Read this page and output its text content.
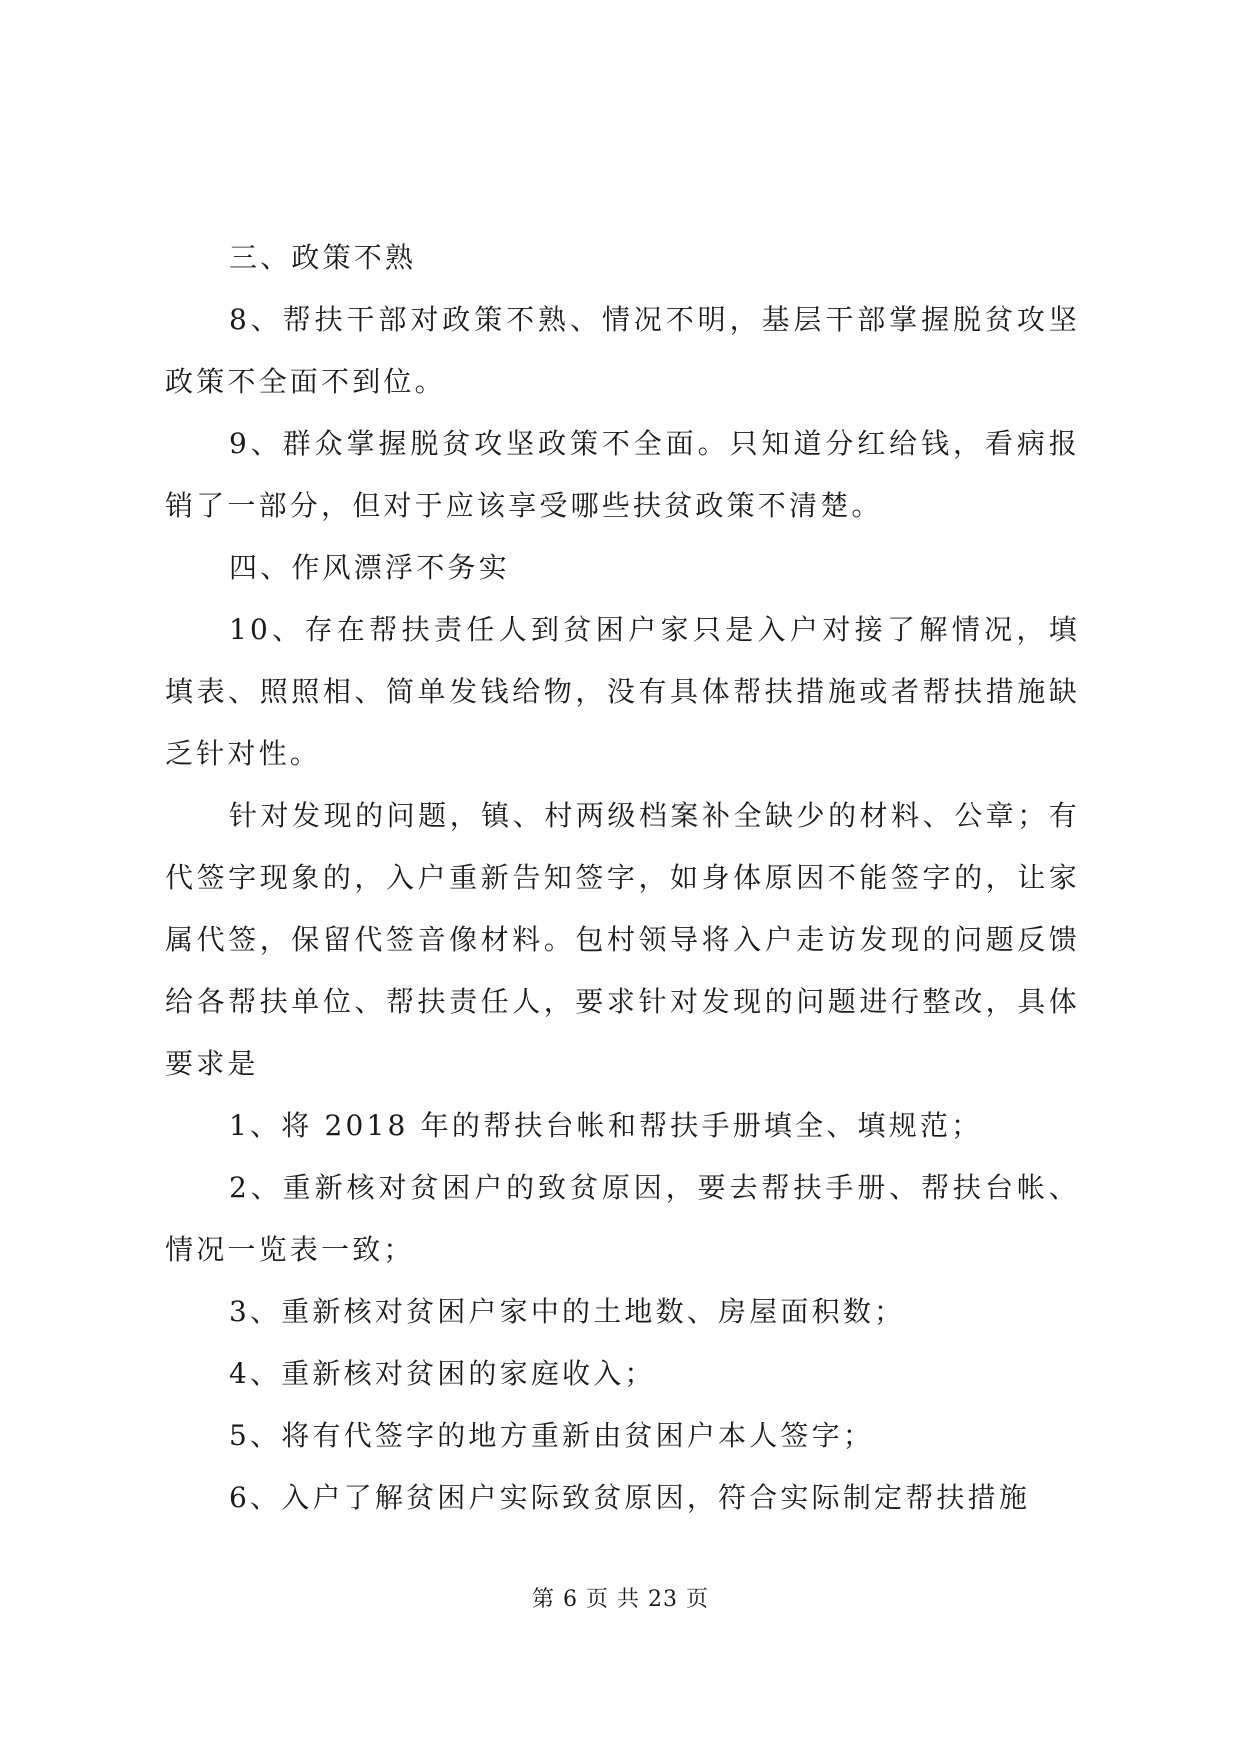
三、政策不熟

8、帮扶干部对政策不熟、情况不明，基层干部掌握脱贫攻坚政策不全面不到位。

9、群众掌握脱贫攻坚政策不全面。只知道分红给钱，看病报销了一部分，但对于应该享受哪些扶贫政策不清楚。

四、作风漂浮不务实

10、存在帮扶责任人到贫困户家只是入户对接了解情况，填填表、照照相、简单发钱给物，没有具体帮扶措施或者帮扶措施缺乏针对性。

针对发现的问题，镇、村两级档案补全缺少的材料、公章；有代签字现象的，入户重新告知签字，如身体原因不能签字的，让家属代签，保留代签音像材料。包村领导将入户走访发现的问题反馈给各帮扶单位、帮扶责任人，要求针对发现的问题进行整改，具体要求是

1、将 2018 年的帮扶台帐和帮扶手册填全、填规范；

2、重新核对贫困户的致贫原因，要去帮扶手册、帮扶台帐、情况一览表一致；

3、重新核对贫困户家中的土地数、房屋面积数；

4、重新核对贫困的家庭收入；

5、将有代签字的地方重新由贫困户本人签字；

6、入户了解贫困户实际致贫原因，符合实际制定帮扶措施

第 6 页 共 23 页
